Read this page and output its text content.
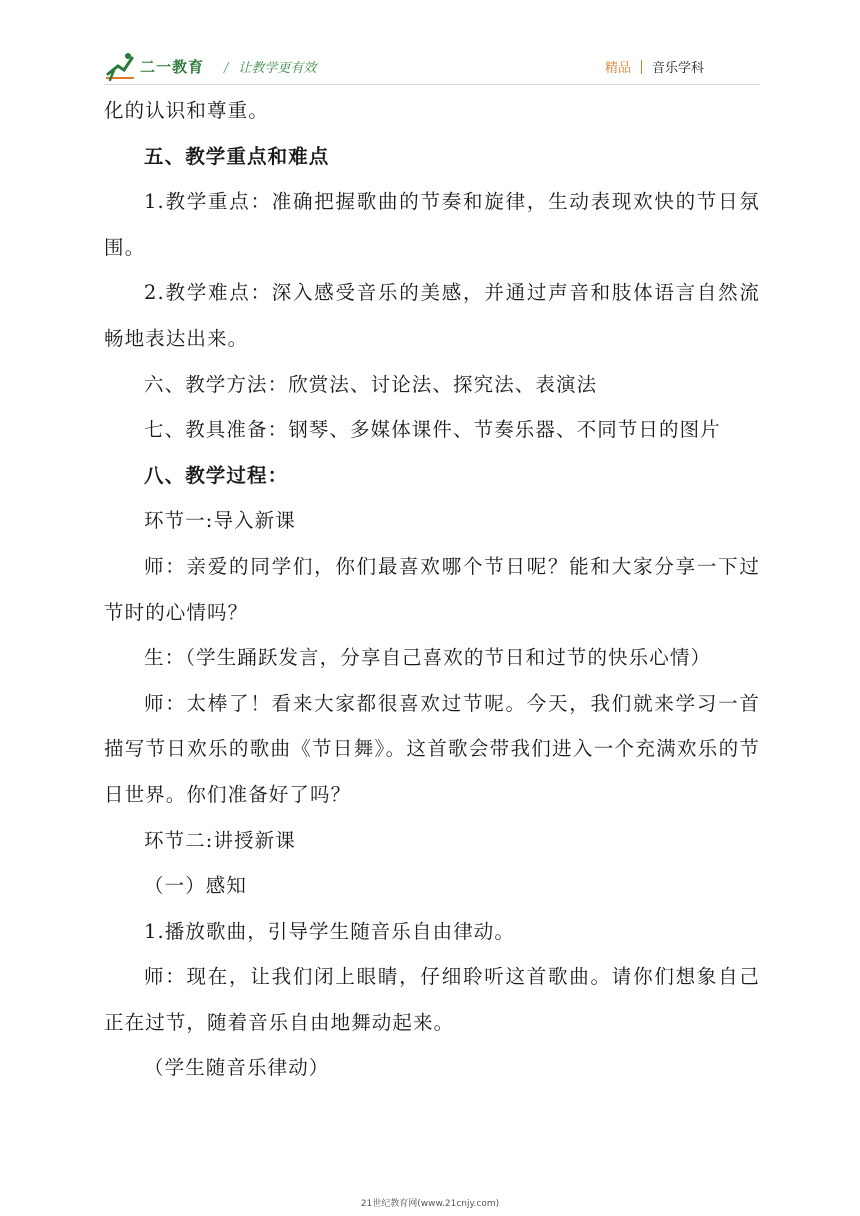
二一教育 / 让教学更有效	精品 音乐学科

化的认识和尊重。

五、教学重点和难点

1.教学重点：准确把握歌曲的节奏和旋律，生动表现欢快的节日氛围。

2.教学难点：深入感受音乐的美感，并通过声音和肢体语言自然流畅地表达出来。

六、教学方法：欣赏法、讨论法、探究法、表演法

七、教具准备：钢琴、多媒体课件、节奏乐器、不同节日的图片

八、教学过程：

环节一:导入新课

师：亲爱的同学们，你们最喜欢哪个节日呢？能和大家分享一下过节时的心情吗？

生：（学生踊跃发言，分享自己喜欢的节日和过节的快乐心情）

师：太棒了！看来大家都很喜欢过节呢。今天，我们就来学习一首描写节日欢乐的歌曲《节日舞》。这首歌会带我们进入一个充满欢乐的节日世界。你们准备好了吗？

环节二:讲授新课

（一）感知

1.播放歌曲，引导学生随音乐自由律动。

师：现在，让我们闭上眼睛，仔细聆听这首歌曲。请你们想象自己正在过节，随着音乐自由地舞动起来。

（学生随音乐律动）

21世纪教育网(www.21cnjy.com)
